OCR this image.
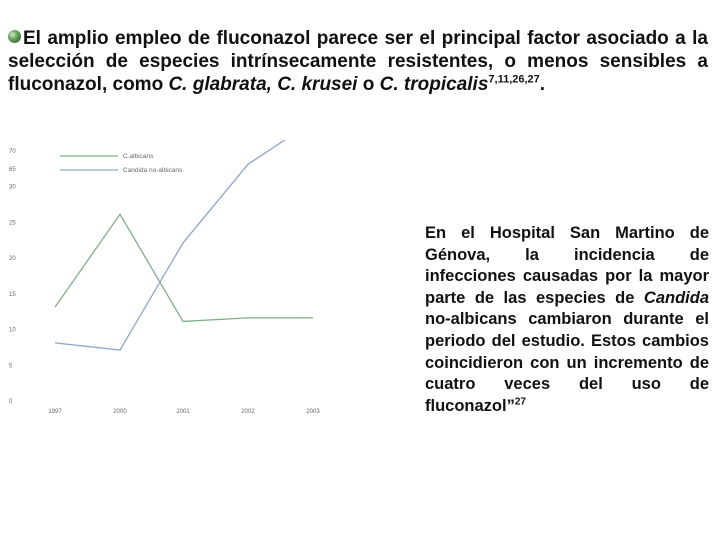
El amplio empleo de fluconazol parece ser el principal factor asociado a la selección de especies intrínsecamente resistentes, o menos sensibles a fluconazol, como C. glabrata, C. krusei o C. tropicalis$^{7,11,26,27}$.
70
65
30
25
20
15
10
5
0
1997	2000	2001	2002	2003
C.albicans
Candida no-albicans
En el Hospital San Martino de Génova, la incidencia de infecciones causadas por la mayor parte de las especies de Candida no-albicans cambiaron durante el periodo del estudio. Estos cambios coincidieron con un incremento de cuatro veces del uso de fluconazol”$^{27}$
